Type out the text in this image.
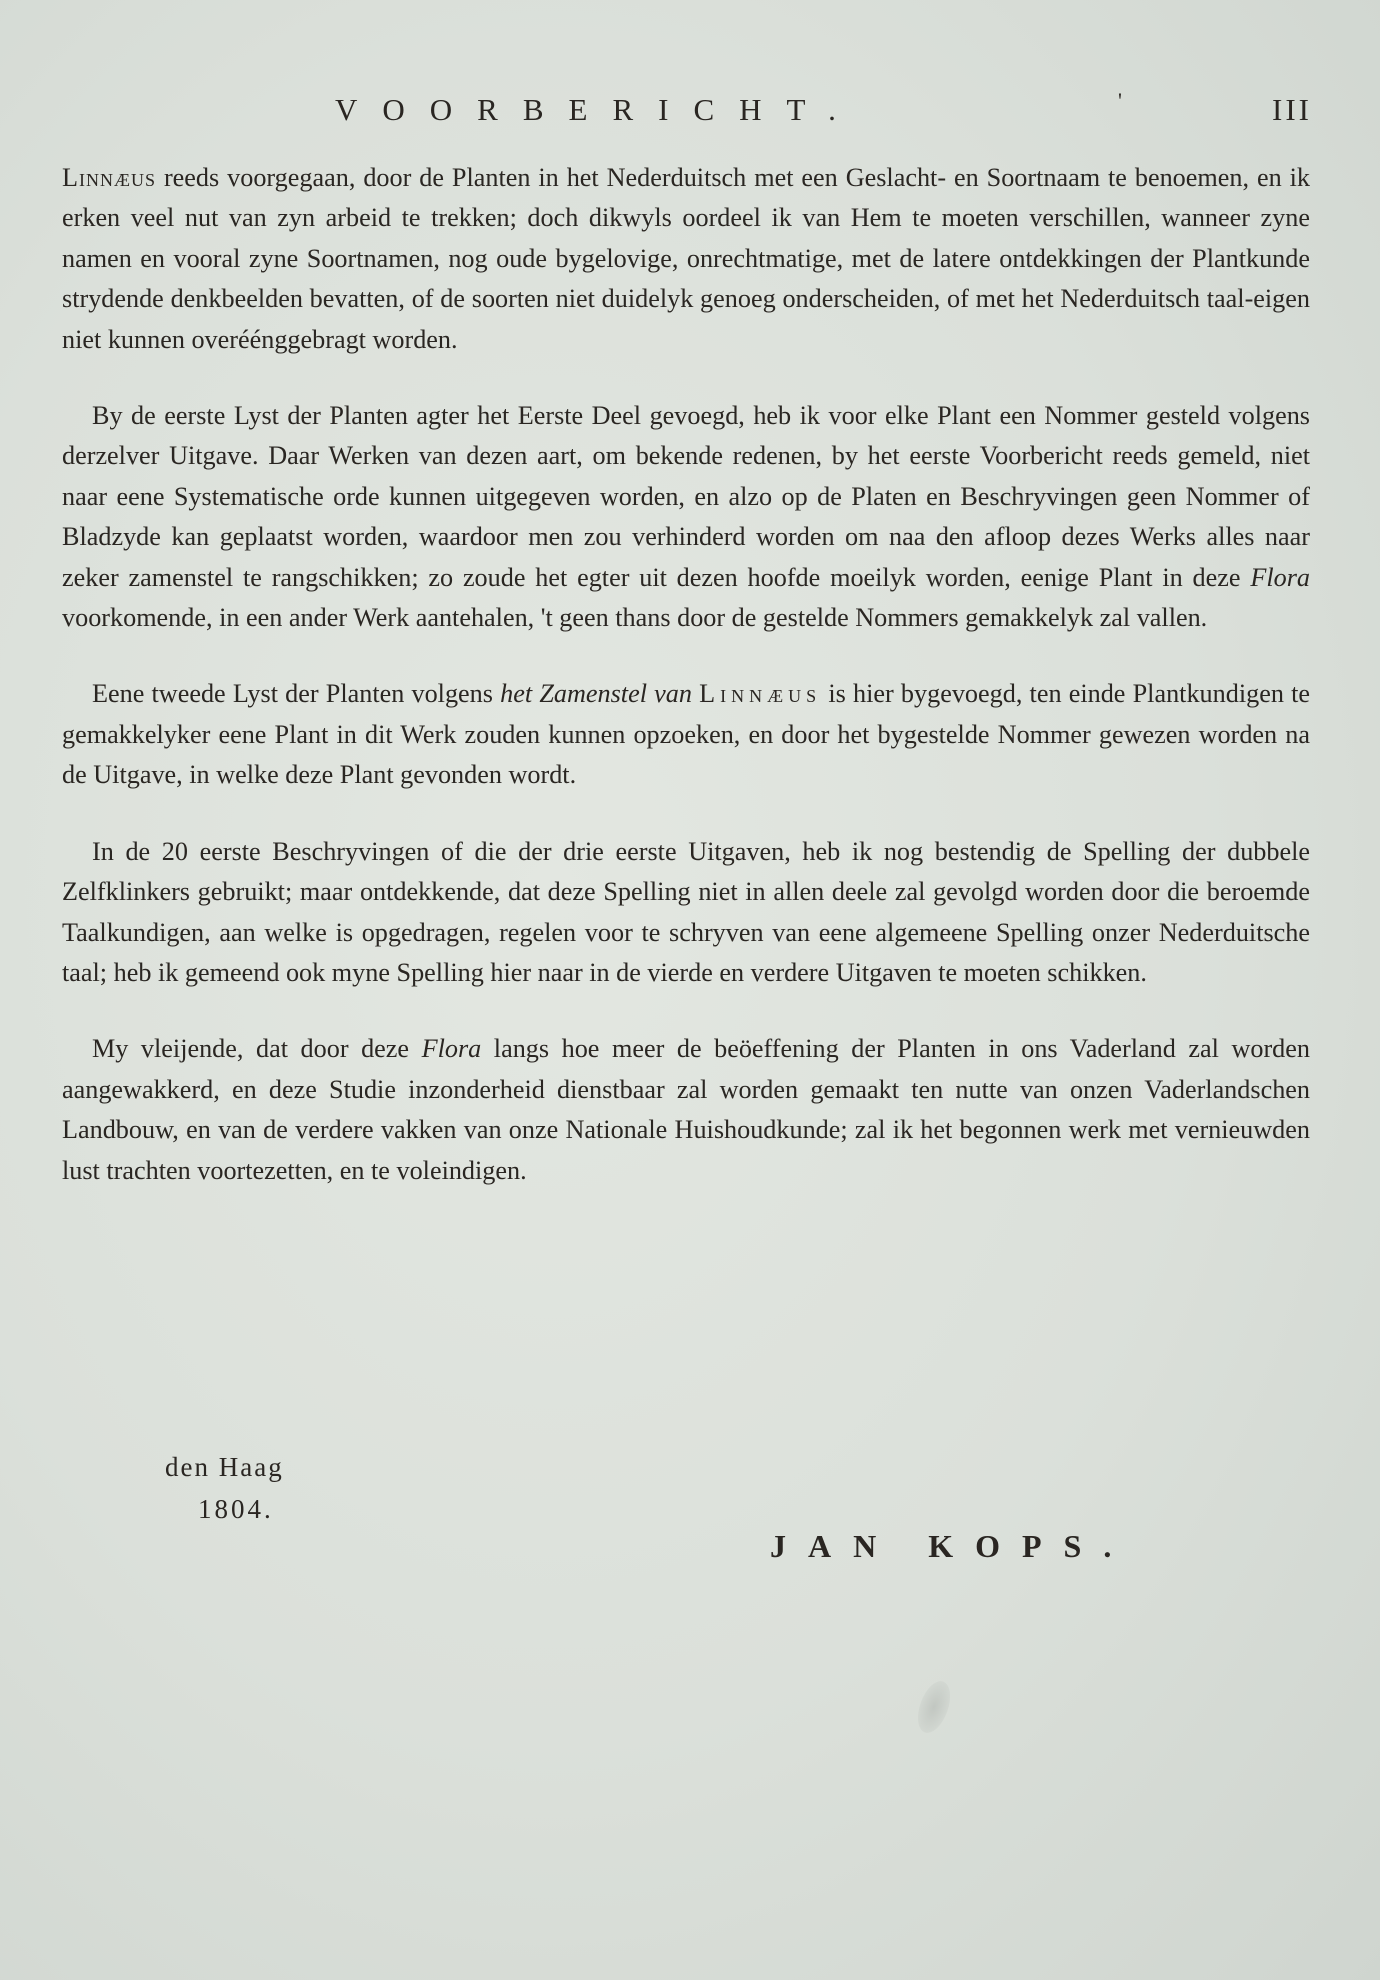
VOORBERICHT.	'	III

Linnæus reeds voorgegaan, door de Planten in het Nederduitsch met een Geslacht- en Soortnaam te benoemen, en ik erken veel nut van zyn arbeid te trekken; doch dikwyls oordeel ik van Hem te moeten verschillen, wanneer zyne namen en vooral zyne Soortnamen, nog oude bygelovige, onrechtmatige, met de latere ontdekkingen der Plantkunde strydende denkbeelden bevatten, of de soorten niet duidelyk genoeg onderscheiden, of met het Nederduitsch taal-eigen niet kunnen overéénggebragt worden.

By de eerste Lyst der Planten agter het Eerste Deel gevoegd, heb ik voor elke Plant een Nommer gesteld volgens derzelver Uitgave. Daar Werken van dezen aart, om bekende redenen, by het eerste Voorbericht reeds gemeld, niet naar eene Systematische orde kunnen uitgegeven worden, en alzo op de Platen en Beschryvingen geen Nommer of Bladzyde kan geplaatst worden, waardoor men zou verhinderd worden om naa den afloop dezes Werks alles naar zeker zamenstel te rangschikken; zo zoude het egter uit dezen hoofde moeilyk worden, eenige Plant in deze Flora voorkomende, in een ander Werk aantehalen, 't geen thans door de gestelde Nommers gemakkelyk zal vallen.

Eene tweede Lyst der Planten volgens het Zamenstel van Linnæus is hier bygevoegd, ten einde Plantkundigen te gemakkelyker eene Plant in dit Werk zouden kunnen opzoeken, en door het bygestelde Nommer gewezen worden na de Uitgave, in welke deze Plant gevonden wordt.

In de 20 eerste Beschryvingen of die der drie eerste Uitgaven, heb ik nog bestendig de Spelling der dubbele Zelfklinkers gebruikt; maar ontdekkende, dat deze Spelling niet in allen deele zal gevolgd worden door die beroemde Taalkundigen, aan welke is opgedragen, regelen voor te schryven van eene algemeene Spelling onzer Nederduitsche taal; heb ik gemeend ook myne Spelling hier naar in de vierde en verdere Uitgaven te moeten schikken.

My vleijende, dat door deze Flora langs hoe meer de beöeffening der Planten in ons Vaderland zal worden aangewakkerd, en deze Studie inzonderheid dienstbaar zal worden gemaakt ten nutte van onzen Vaderlandschen Landbouw, en van de verdere vakken van onze Nationale Huishoudkunde; zal ik het begonnen werk met vernieuwden lust trachten voortezetten, en te voleindigen.

den Haag
1804.
JAN KOPS.
